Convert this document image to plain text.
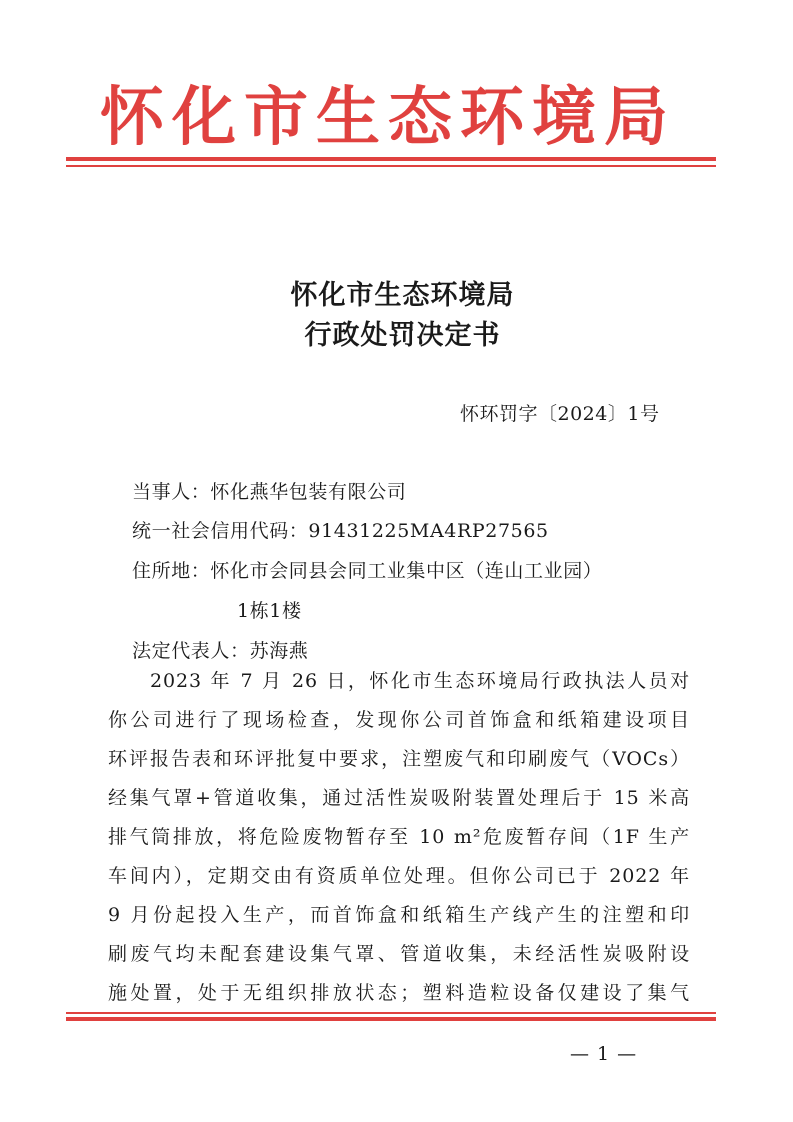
怀化市生态环境局
怀化市生态环境局
行政处罚决定书
怀环罚字〔2024〕1号
当事人：怀化燕华包装有限公司
统一社会信用代码：91431225MA4RP27565
住所地：怀化市会同县会同工业集中区（连山工业园）
1栋1楼
法定代表人：苏海燕
2023 年 7 月 26 日，怀化市生态环境局行政执法人员对
你公司进行了现场检查，发现你公司首饰盒和纸箱建设项目
环评报告表和环评批复中要求，注塑废气和印刷废气（VOCs）
经集气罩+管道收集，通过活性炭吸附装置处理后于 15 米高
排气筒排放，将危险废物暂存至 10 m²危废暂存间（1F 生产
车间内），定期交由有资质单位处理。但你公司已于 2022 年
9 月份起投入生产，而首饰盒和纸箱生产线产生的注塑和印
刷废气均未配套建设集气罩、管道收集，未经活性炭吸附设
施处置，处于无组织排放状态；塑料造粒设备仅建设了集气
— 1 —
